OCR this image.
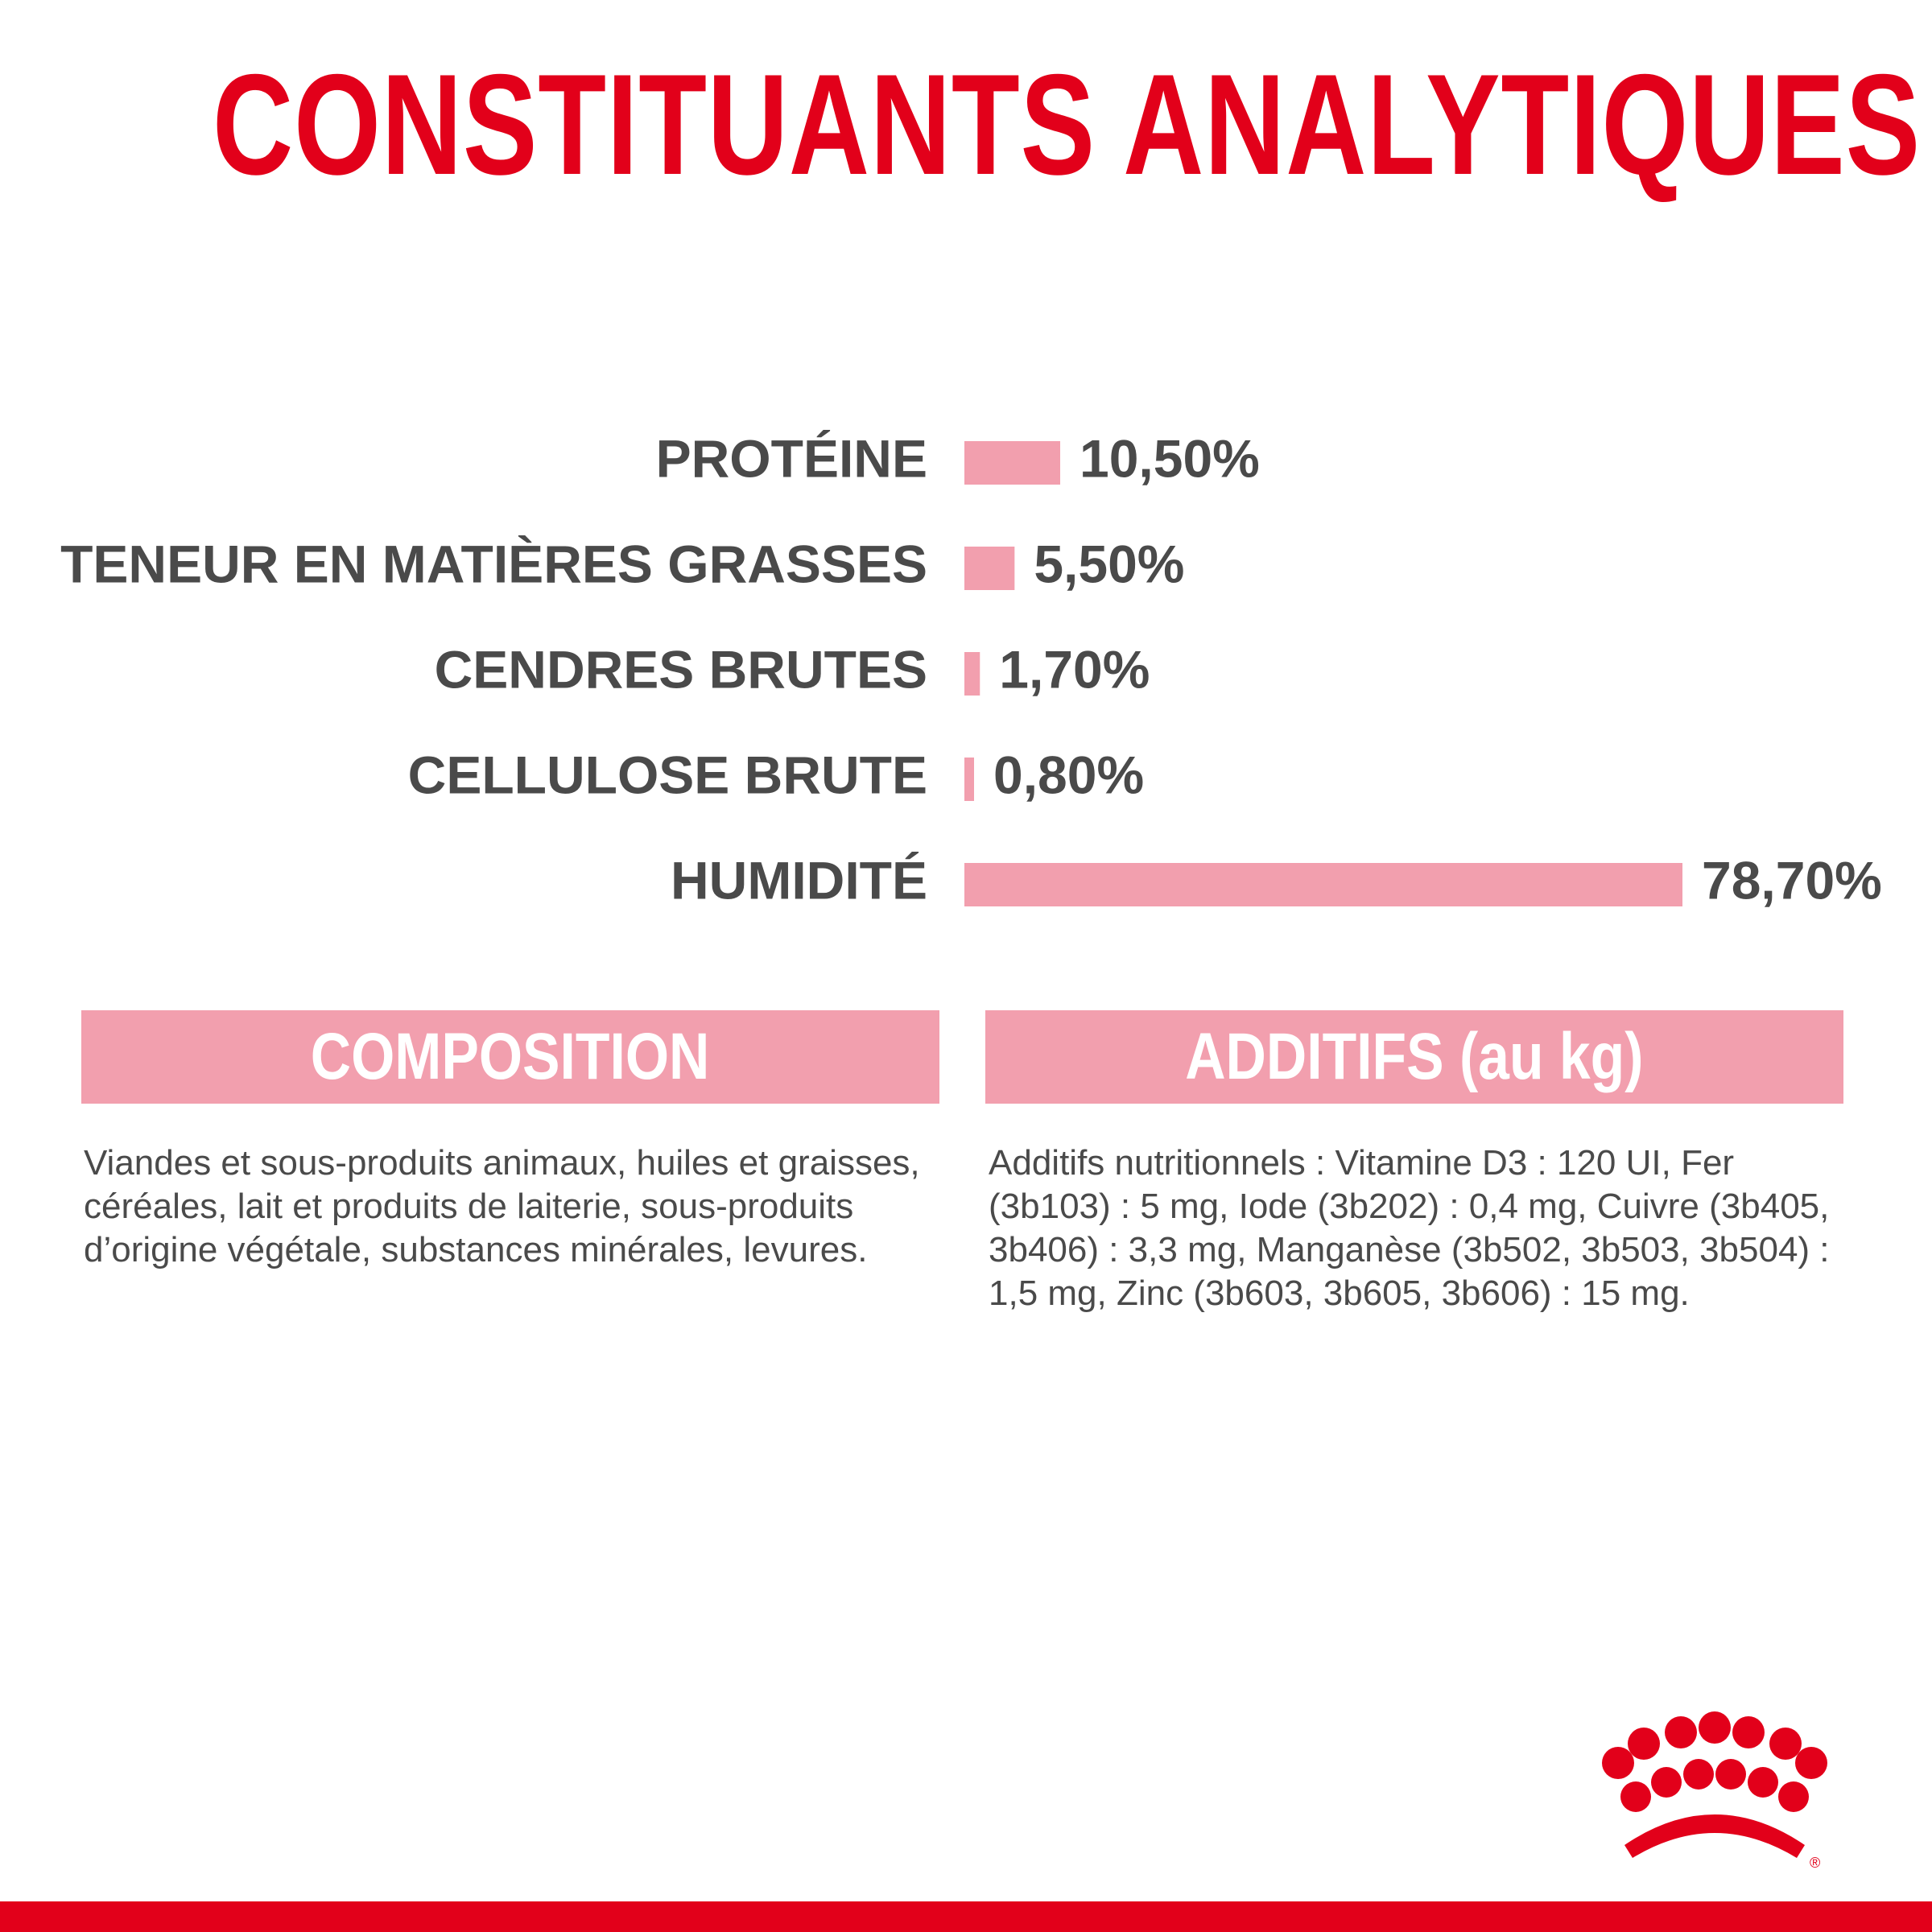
CONSTITUANTS ANALYTIQUES
PROTÉINE	10,50%
TENEUR EN MATIÈRES GRASSES 5,50%
CENDRES BRUTES 1,70%
CELLULOSE BRUTE 0,80%
HUMIDITÉ	78,70%
COMPOSITION	ADDITIFS (au kg)
Viandes et sous-produits animaux, huiles et graisses, céréales, lait et produits de laiterie, sous-produits d’origine végétale, substances minérales, levures.
Additifs nutritionnels : Vitamine D3 : 120 UI, Fer (3b103) : 5 mg, Iode (3b202) : 0,4 mg, Cuivre (3b405, 3b406) : 3,3 mg, Manganèse (3b502, 3b503, 3b504) : 1,5 mg, Zinc (3b603, 3b605, 3b606) : 15 mg.
®
